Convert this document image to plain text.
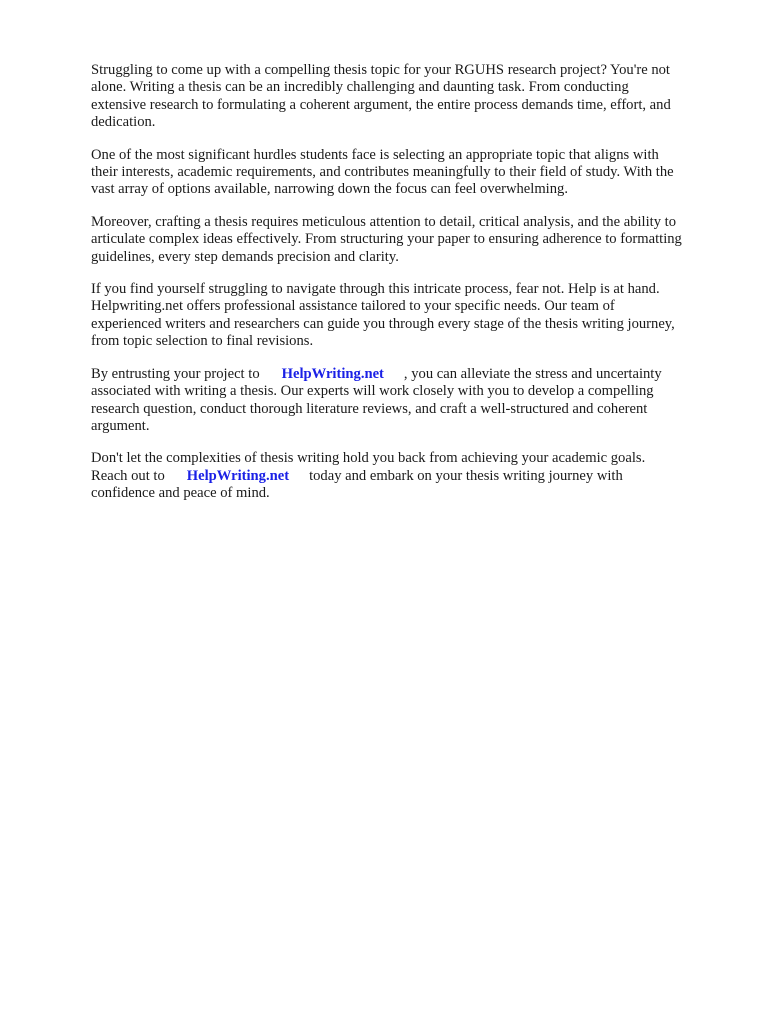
Struggling to come up with a compelling thesis topic for your RGUHS research project? You're not
alone. Writing a thesis can be an incredibly challenging and daunting task. From conducting
extensive research to formulating a coherent argument, the entire process demands time, effort, and
dedication.

One of the most significant hurdles students face is selecting an appropriate topic that aligns with
their interests, academic requirements, and contributes meaningfully to their field of study. With the
vast array of options available, narrowing down the focus can feel overwhelming.

Moreover, crafting a thesis requires meticulous attention to detail, critical analysis, and the ability to
articulate complex ideas effectively. From structuring your paper to ensuring adherence to formatting
guidelines, every step demands precision and clarity.

If you find yourself struggling to navigate through this intricate process, fear not. Help is at hand.
Helpwriting.net offers professional assistance tailored to your specific needs. Our team of
experienced writers and researchers can guide you through every stage of the thesis writing journey,
from topic selection to final revisions.

By entrusting your project to HelpWriting.net , you can alleviate the stress and uncertainty
associated with writing a thesis. Our experts will work closely with you to develop a compelling
research question, conduct thorough literature reviews, and craft a well-structured and coherent
argument.

Don't let the complexities of thesis writing hold you back from achieving your academic goals.
Reach out to HelpWriting.net today and embark on your thesis writing journey with
confidence and peace of mind.
